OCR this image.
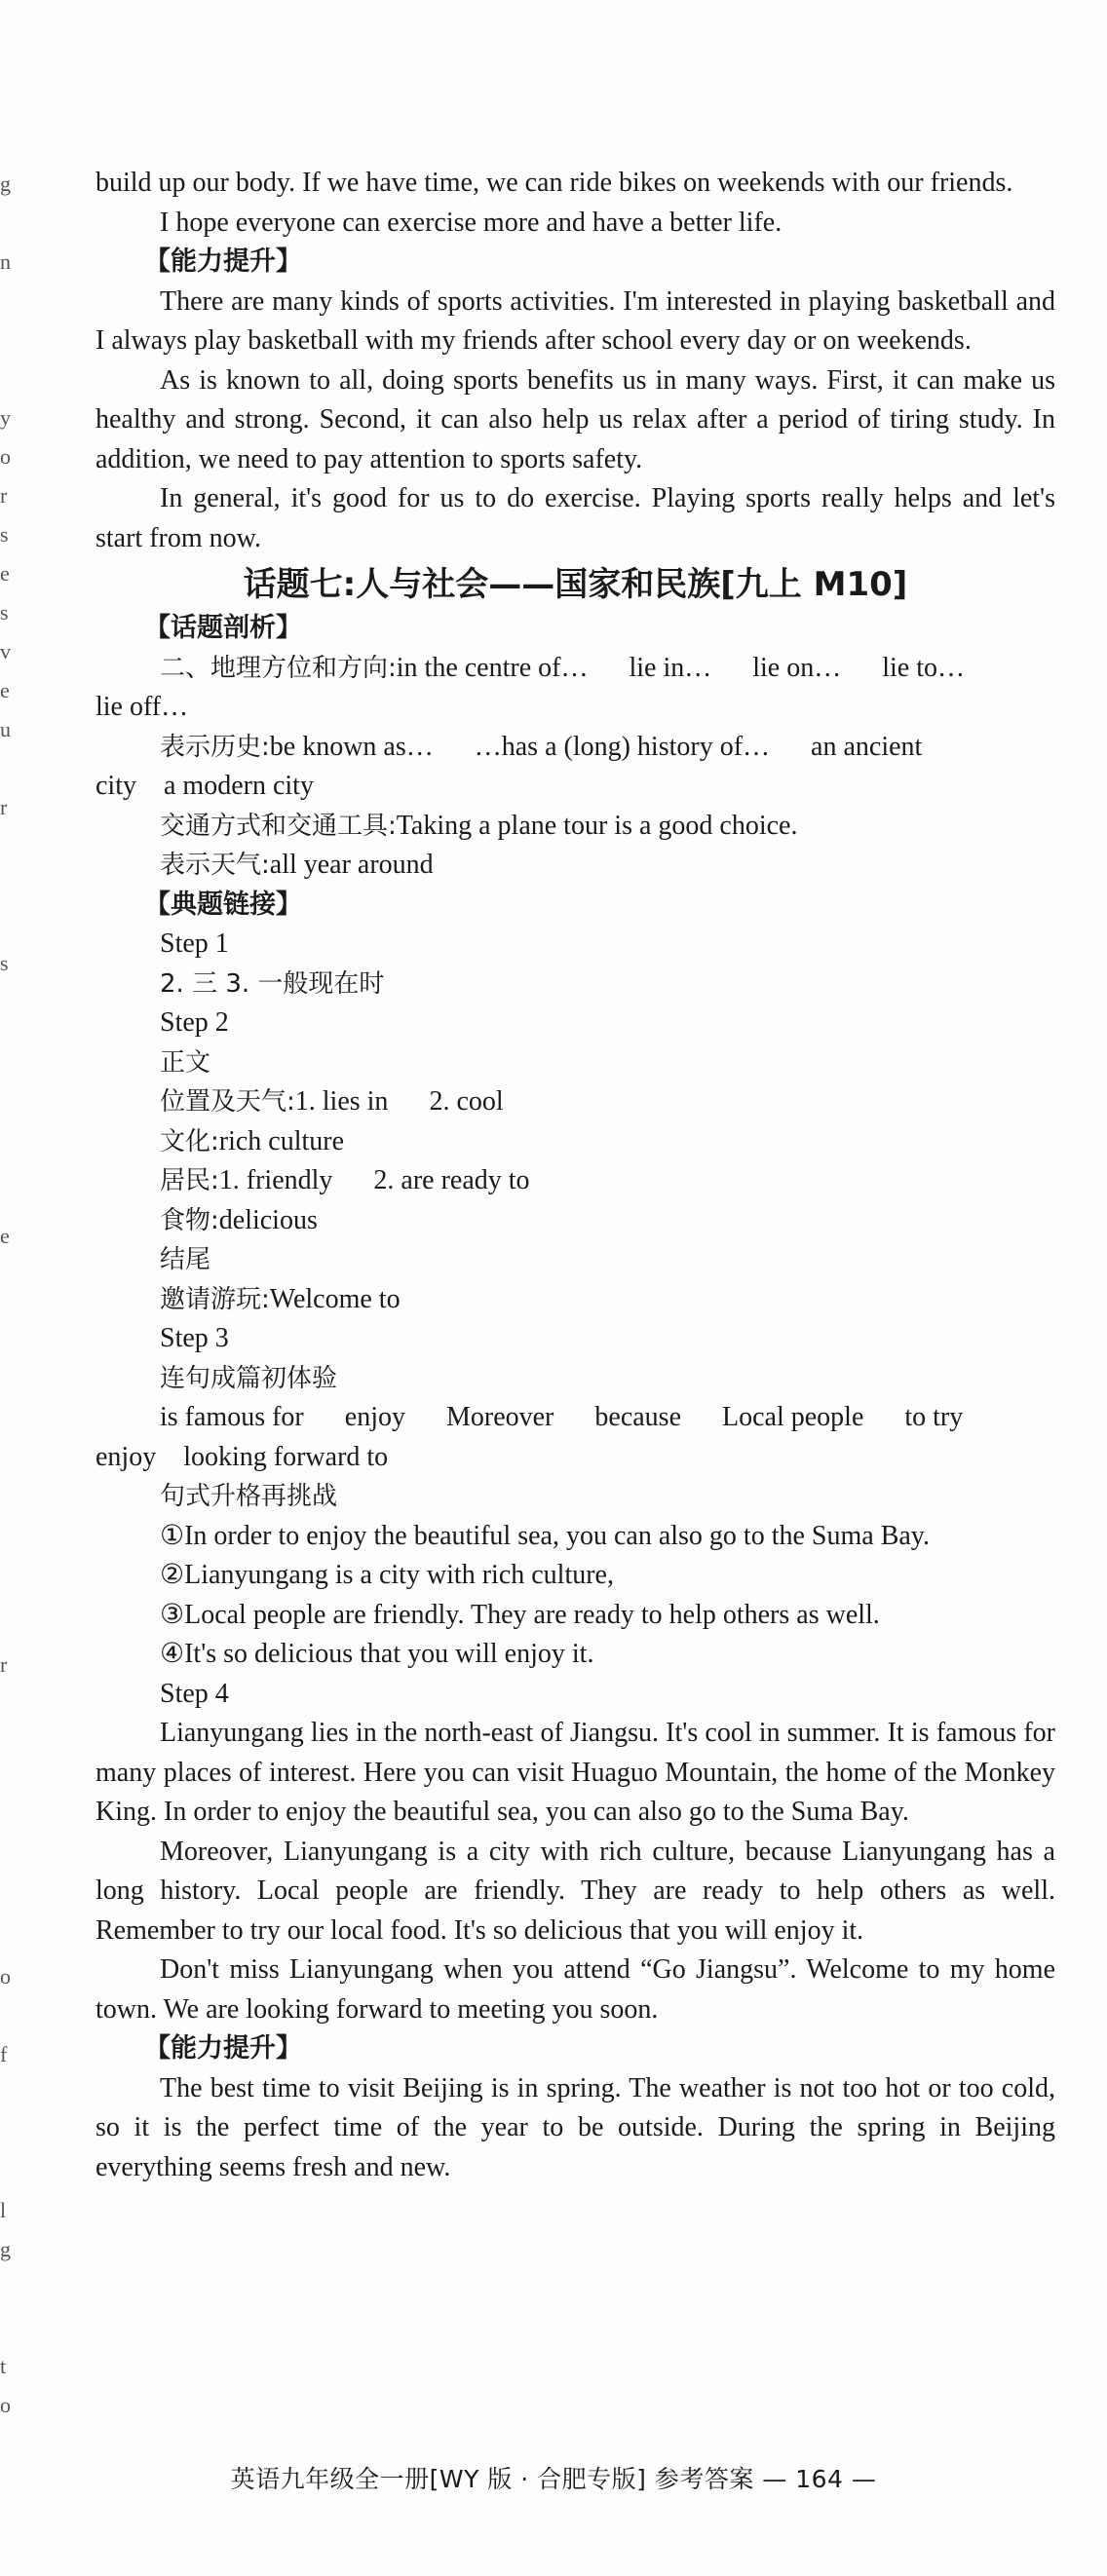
g
n
y
o
r
s
e
s
v
e
u
r
s
e
r
o
f
l
g
t
o

build up our body. If we have time, we can ride bikes on weekends with our friends.

I hope everyone can exercise more and have a better life.

【能力提升】

There are many kinds of sports activities. I'm interested in playing basketball and I always play basketball with my friends after school every day or on weekends.

As is known to all, doing sports benefits us in many ways. First, it can make us healthy and strong. Second, it can also help us relax after a period of tiring study. In addition, we need to pay attention to sports safety.

In general, it's good for us to do exercise. Playing sports really helps and let's start from now.

话题七:人与社会——国家和民族[九上 M10]

【话题剖析】

二、地理方位和方向:in the centre of… lie in… lie on… lie to…

lie off…

表示历史:be known as… …has a (long) history of… an ancient

city a modern city

交通方式和交通工具:Taking a plane tour is a good choice.

表示天气:all year around

【典题链接】

Step 1

2. 三 3. 一般现在时

Step 2

正文

位置及天气:1. lies in 2. cool

文化:rich culture

居民:1. friendly 2. are ready to

食物:delicious

结尾

邀请游玩:Welcome to

Step 3

连句成篇初体验

is famous for enjoy Moreover because Local people to try

enjoy looking forward to

句式升格再挑战

①In order to enjoy the beautiful sea, you can also go to the Suma Bay.

②Lianyungang is a city with rich culture,

③Local people are friendly. They are ready to help others as well.

④It's so delicious that you will enjoy it.

Step 4

Lianyungang lies in the north-east of Jiangsu. It's cool in summer. It is famous for many places of interest. Here you can visit Huaguo Mountain, the home of the Monkey King. In order to enjoy the beautiful sea, you can also go to the Suma Bay.

Moreover, Lianyungang is a city with rich culture, because Lianyungang has a long history. Local people are friendly. They are ready to help others as well. Remember to try our local food. It's so delicious that you will enjoy it.

Don't miss Lianyungang when you attend “Go Jiangsu”. Welcome to my home town. We are looking forward to meeting you soon.

【能力提升】

The best time to visit Beijing is in spring. The weather is not too hot or too cold, so it is the perfect time of the year to be outside. During the spring in Beijing everything seems fresh and new.

英语九年级全一册[WY 版 · 合肥专版] 参考答案 — 164 —
